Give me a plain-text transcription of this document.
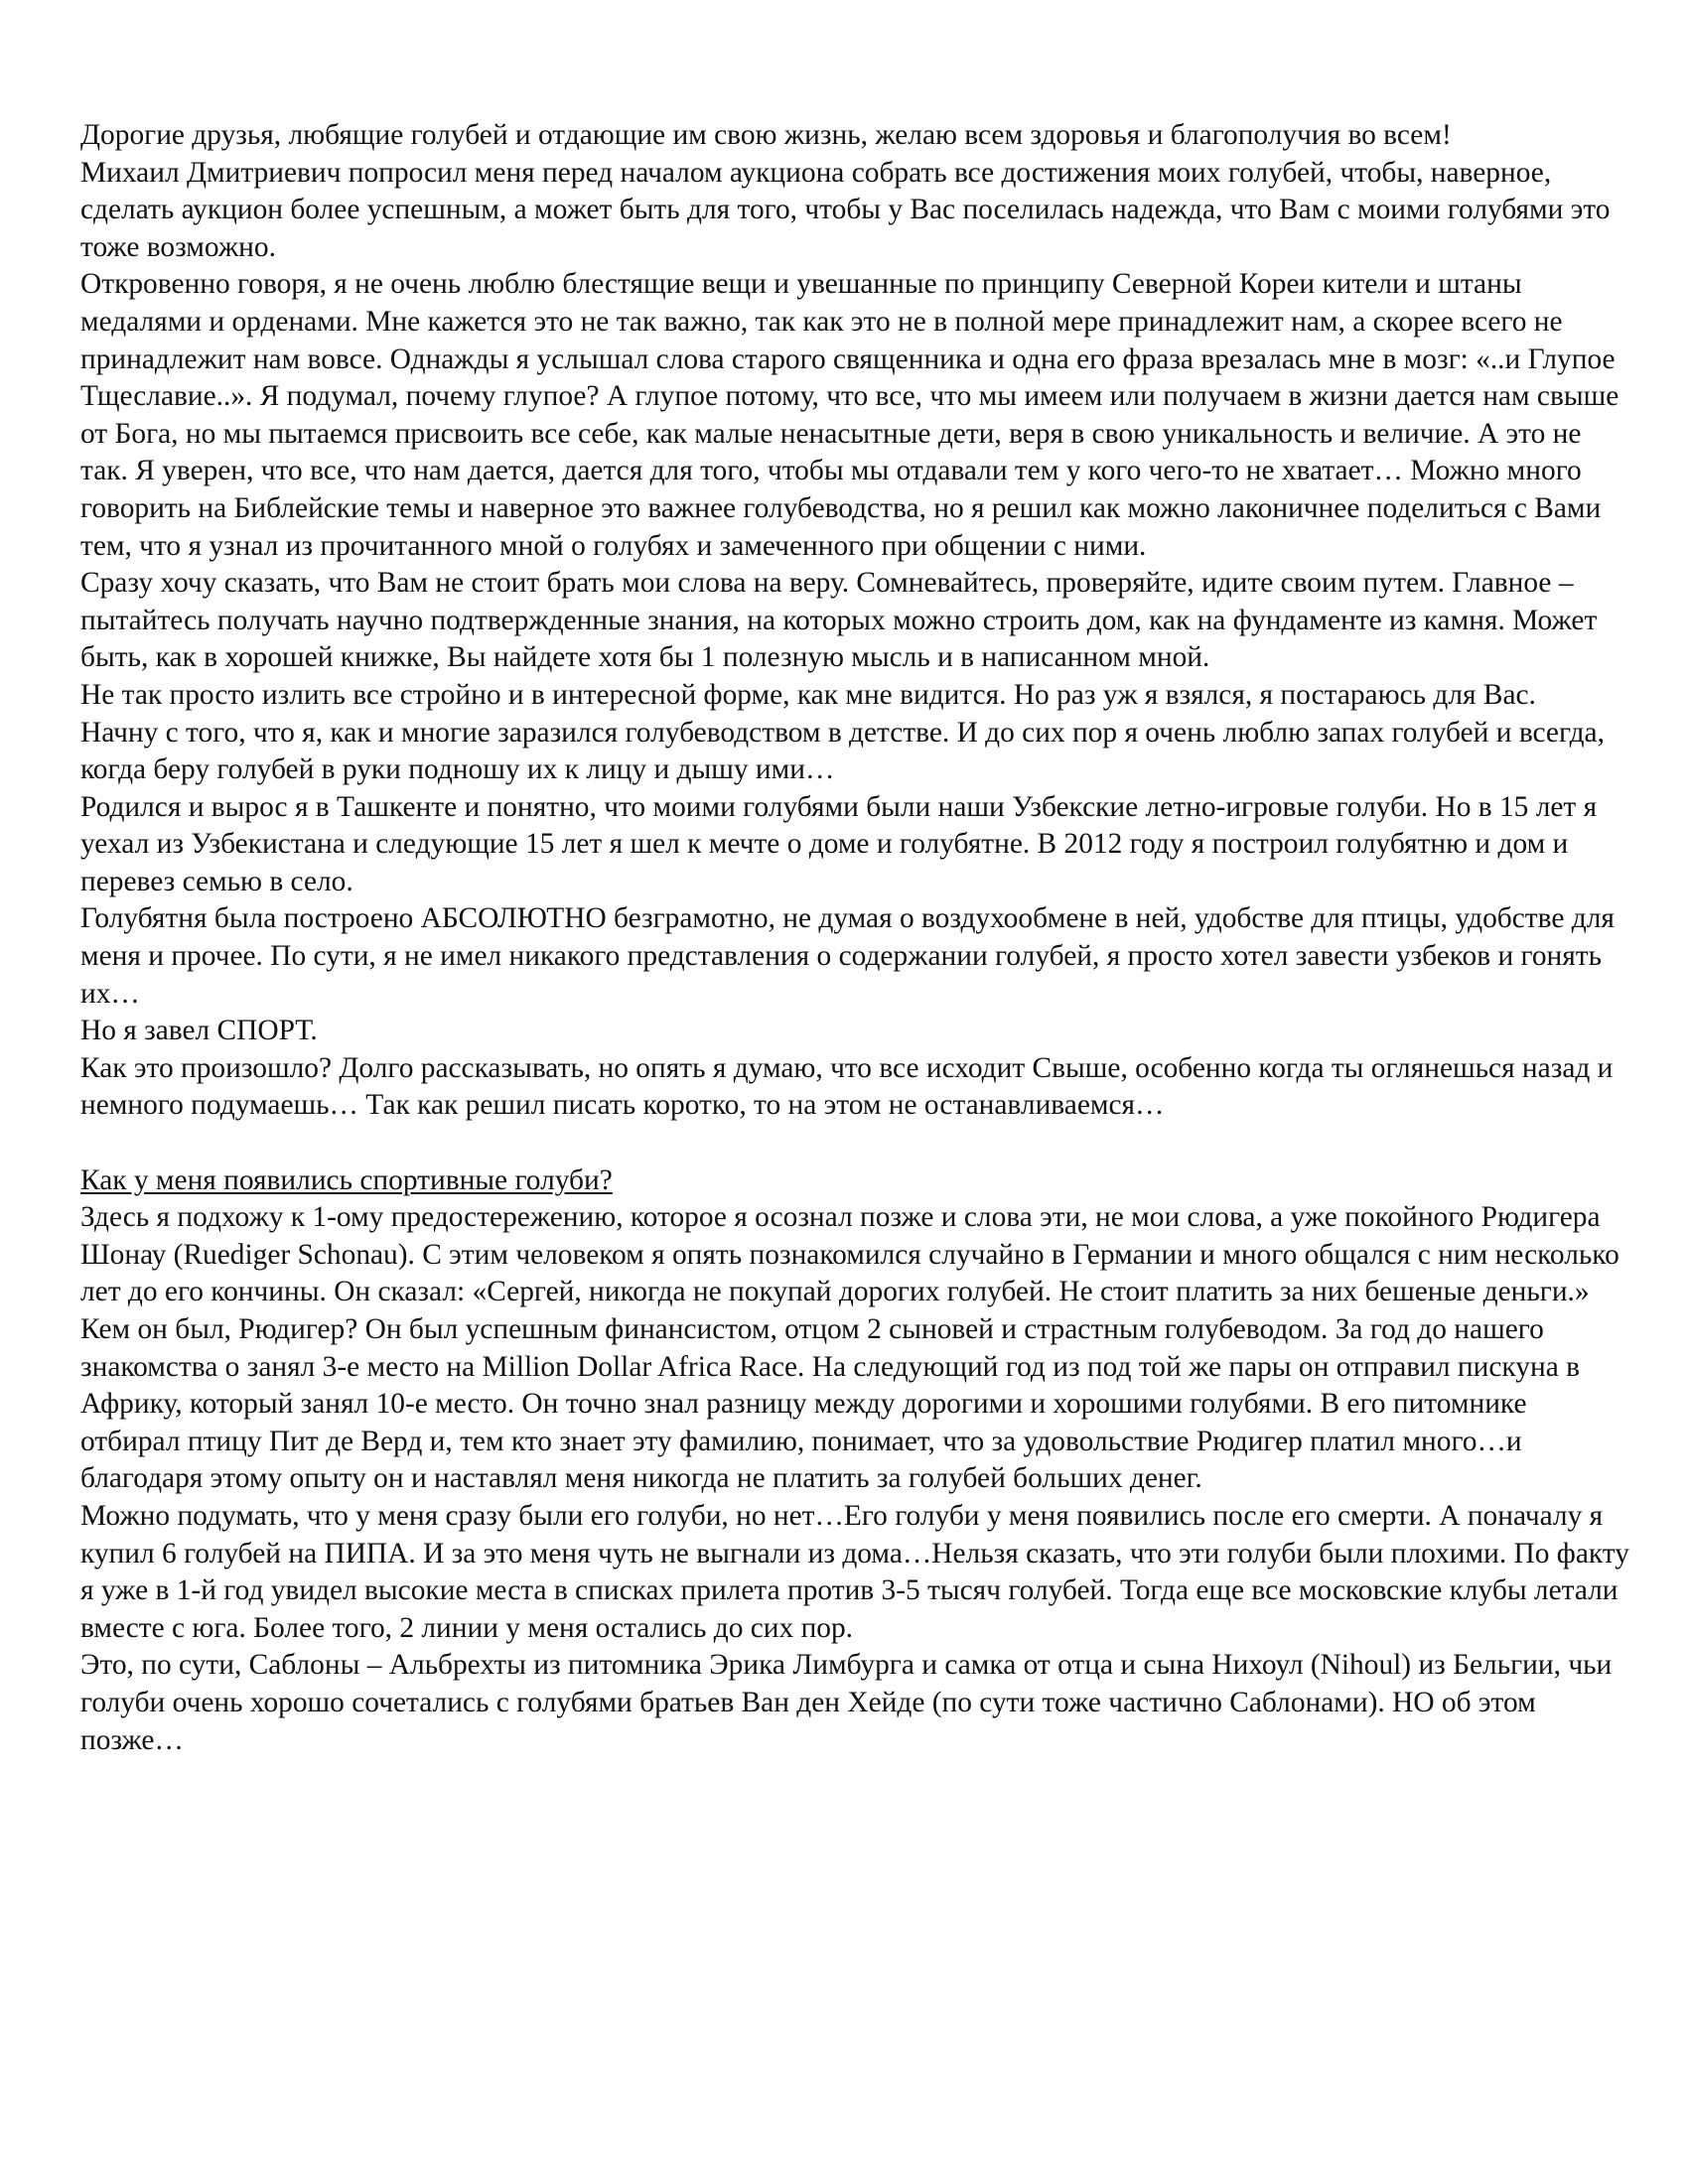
Дорогие друзья, любящие голубей и отдающие им свою жизнь, желаю всем здоровья и благополучия во всем!

Михаил Дмитриевич попросил меня перед началом аукциона собрать все достижения моих голубей, чтобы, наверное, сделать аукцион более успешным, а может быть для того, чтобы у Вас поселилась надежда, что Вам с моими голубями это тоже возможно.

Откровенно говоря, я не очень люблю блестящие вещи и увешанные по принципу Северной Кореи кители и штаны медалями и орденами. Мне кажется это не так важно, так как это не в полной мере принадлежит нам, а скорее всего не принадлежит нам вовсе. Однажды я услышал слова старого священника и одна его фраза врезалась мне в мозг: «..и Глупое Тщеславие..». Я подумал, почему глупое? А глупое потому, что все, что мы имеем или получаем в жизни дается нам свыше от Бога, но мы пытаемся присвоить все себе, как малые ненасытные дети, веря в свою уникальность и величие. А это не так. Я уверен, что все, что нам дается, дается для того, чтобы мы отдавали тем у кого чего-то не хватает… Можно много говорить на Библейские темы и наверное это важнее голубеводства, но я решил как можно лаконичнее поделиться с Вами тем, что я узнал из прочитанного мной о голубях и замеченного при общении с ними.

Сразу хочу сказать, что Вам не стоит брать мои слова на веру. Сомневайтесь, проверяйте, идите своим путем. Главное – пытайтесь получать научно подтвержденные знания, на которых можно строить дом, как на фундаменте из камня. Может быть, как в хорошей книжке, Вы найдете хотя бы 1 полезную мысль и в написанном мной.

Не так просто излить все стройно и в интересной форме, как мне видится. Но раз уж я взялся, я постараюсь для Вас.

Начну с того, что я, как и многие заразился голубеводством в детстве. И до сих пор я очень люблю запах голубей и всегда, когда беру голубей в руки подношу их к лицу и дышу ими…

Родился и вырос я в Ташкенте и понятно, что моими голубями были наши Узбекские летно-игровые голуби. Но в 15 лет я уехал из Узбекистана и следующие 15 лет я шел к мечте о доме и голубятне. В 2012 году я построил голубятню и дом и перевез семью в село.

Голубятня была построено АБСОЛЮТНО безграмотно, не думая о воздухообмене в ней, удобстве для птицы, удобстве для меня и прочее. По сути, я не имел никакого представления о содержании голубей, я просто хотел завести узбеков и гонять их…

Но я завел СПОРТ.

Как это произошло? Долго рассказывать, но опять я думаю, что все исходит Свыше, особенно когда ты оглянешься назад и немного подумаешь… Так как решил писать коротко, то на этом не останавливаемся…

Как у меня появились спортивные голуби?

Здесь я подхожу к 1-ому предостережению, которое я осознал позже и слова эти, не мои слова, а уже покойного Рюдигера Шонау (Ruediger Schonau). С этим человеком я опять познакомился случайно в Германии и много общался с ним несколько лет до его кончины. Он сказал: «Сергей, никогда не покупай дорогих голубей. Не стоит платить за них бешеные деньги.» Кем он был, Рюдигер? Он был успешным финансистом, отцом 2 сыновей и страстным голубеводом. За год до нашего знакомства о занял 3-е место на Million Dollar Africa Race. На следующий год из под той же пары он отправил пискуна в Африку, который занял 10-е место. Он точно знал разницу между дорогими и хорошими голубями. В его питомнике отбирал птицу Пит де Верд и, тем кто знает эту фамилию, понимает, что за удовольствие Рюдигер платил много…и благодаря этому опыту он и наставлял меня никогда не платить за голубей больших денег.

Можно подумать, что у меня сразу были его голуби, но нет…Его голуби у меня появились после его смерти. А поначалу я купил 6 голубей на ПИПА. И за это меня чуть не выгнали из дома…Нельзя сказать, что эти голуби были плохими. По факту я уже в 1-й год увидел высокие места в списках прилета против 3-5 тысяч голубей. Тогда еще все московские клубы летали вместе с юга. Более того, 2 линии у меня остались до сих пор.

Это, по сути, Саблоны – Альбрехты из питомника Эрика Лимбурга и самка от отца и сына Нихоул (Nihoul) из Бельгии, чьи голуби очень хорошо сочетались с голубями братьев Ван ден Хейде (по сути тоже частично Саблонами). НО об этом позже…
